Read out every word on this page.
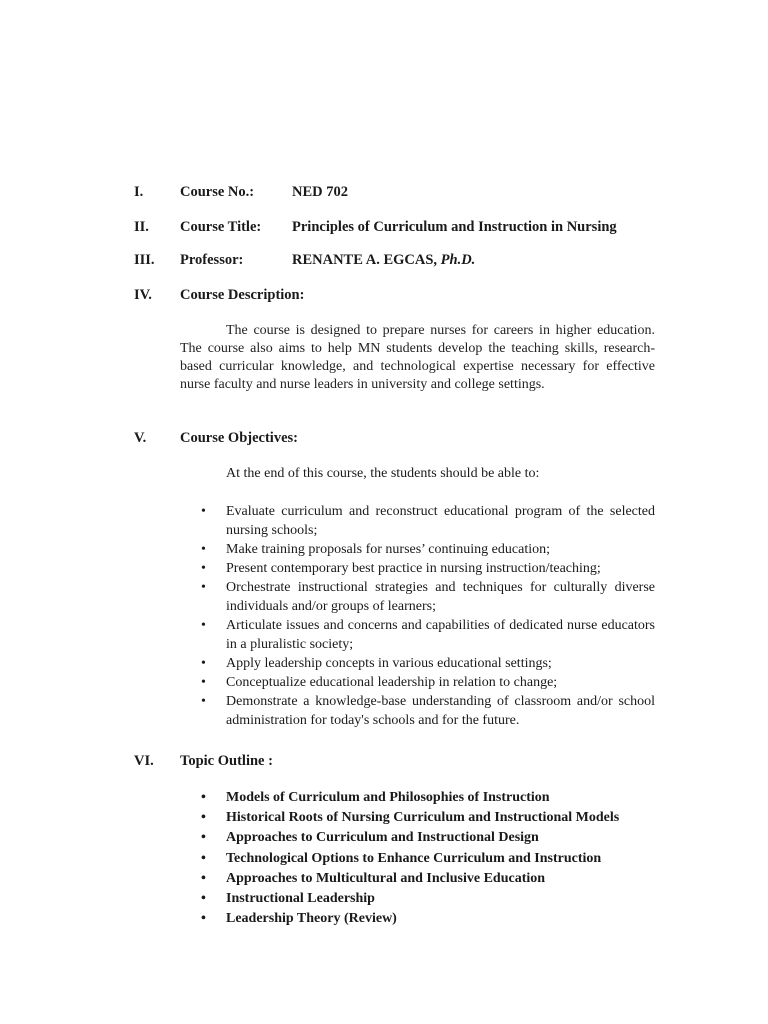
I.	Course No.:	NED 702
II. Course Title: Principles of Curriculum and Instruction in Nursing
III. Professor:	RENANTE A. EGCAS, Ph.D.
IV. Course Description:

The course is designed to prepare nurses for careers in higher education. The course also aims to help MN students develop the teaching skills, research-based curricular knowledge, and technological expertise necessary for effective nurse faculty and nurse leaders in university and college settings.

V. Course Objectives:
At the end of this course, the students should be able to:
• Evaluate curriculum and reconstruct educational program of the selected nursing schools;
• Make training proposals for nurses’ continuing education;
• Present contemporary best practice in nursing instruction/teaching;
• Orchestrate instructional strategies and techniques for culturally diverse individuals and/or groups of learners;
• Articulate issues and concerns and capabilities of dedicated nurse educators in a pluralistic society;
• Apply leadership concepts in various educational settings;
• Conceptualize educational leadership in relation to change;
• Demonstrate a knowledge-base understanding of classroom and/or school administration for today's schools and for the future.
VI. Topic Outline :
• Models of Curriculum and Philosophies of Instruction
• Historical Roots of Nursing Curriculum and Instructional Models
• Approaches to Curriculum and Instructional Design
• Technological Options to Enhance Curriculum and Instruction
• Approaches to Multicultural and Inclusive Education
• Instructional Leadership
• Leadership Theory (Review)
